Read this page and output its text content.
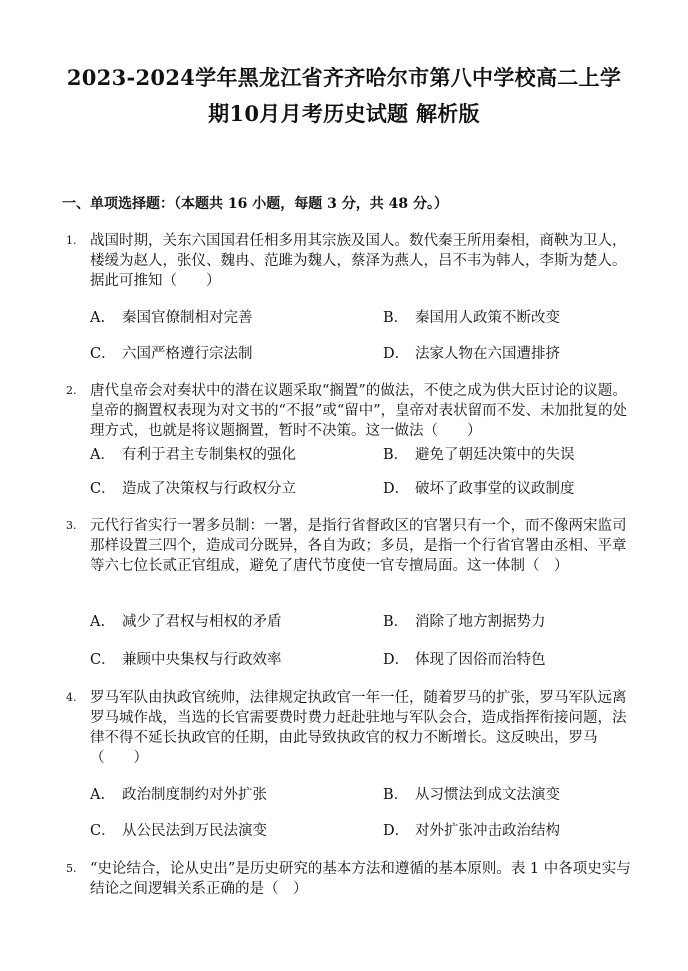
2023-2024学年黑龙江省齐齐哈尔市第八中学校高二上学
期10月月考历史试题 解析版
一、单项选择题：（本题共 16 小题，每题 3 分，共 48 分。）
1. 战国时期，关东六国国君任相多用其宗族及国人。数代秦王所用秦相，商鞅为卫人，楼缓为赵人，张仪、魏冉、范雎为魏人，蔡泽为燕人，吕不韦为韩人，李斯为楚人。据此可推知（　　）
A. 秦国官僚制相对完善	B． 秦国用人政策不断改变
C． 六国严格遵行宗法制	D． 法家人物在六国遭排挤
2. 唐代皇帝会对奏状中的潜在议题采取“搁置”的做法，不使之成为供大臣讨论的议题。皇帝的搁置权表现为对文书的“不报”或“留中”，皇帝对表状留而不发、未加批复的处理方式，也就是将议题搁置，暂时不决策。这一做法（　　）
A． 有利于君主专制集权的强化	B． 避免了朝廷决策中的失误
C． 造成了决策权与行政权分立	D． 破坏了政事堂的议政制度
3. 元代行省实行一署多员制：一署，是指行省督政区的官署只有一个，而不像两宋监司那样设置三四个，造成司分既异，各自为政；多员，是指一个行省官署由丞相、平章等六七位长贰正官组成，避免了唐代节度使一官专擅局面。这一体制（　）
A. 减少了君权与相权的矛盾	B． 消除了地方割据势力
C． 兼顾中央集权与行政效率	D． 体现了因俗而治特色
4. 罗马军队由执政官统帅，法律规定执政官一年一任，随着罗马的扩张，罗马军队远离罗马城作战，当选的长官需要费时费力赶赴驻地与军队会合，造成指挥衔接问题，法律不得不延长执政官的任期，由此导致执政官的权力不断增长。这反映出，罗马（　　）
A. 政治制度制约对外扩张	B． 从习惯法到成文法演变
C． 从公民法到万民法演变	D． 对外扩张冲击政治结构
5. “史论结合，论从史出”是历史研究的基本方法和遵循的基本原则。表 1 中各项史实与结论之间逻辑关系正确的是（　）
